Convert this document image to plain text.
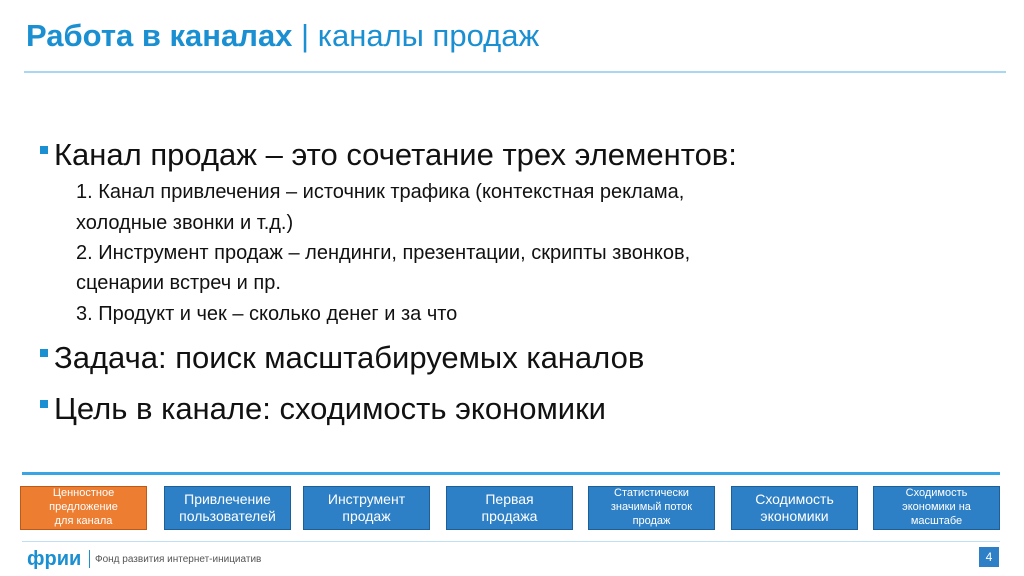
Работа в каналах | каналы продаж
Канал продаж – это сочетание трех элементов:
1. Канал привлечения – источник трафика (контекстная реклама,
холодные звонки и т.д.)
2. Инструмент продаж – лендинги, презентации, скрипты звонков,
сценарии встреч и пр.
3. Продукт и чек – сколько денег и за что
Задача: поиск масштабируемых каналов
Цель в канале: сходимость экономики
Ценностное
предложение
для канала
Привлечение
пользователей
Инструмент
продаж
Первая
продажа
Статистически
значимый поток
продаж
Сходимость
экономики
Сходимость
экономики на
масштабе
фрии Фонд развития интернет-инициатив	4
